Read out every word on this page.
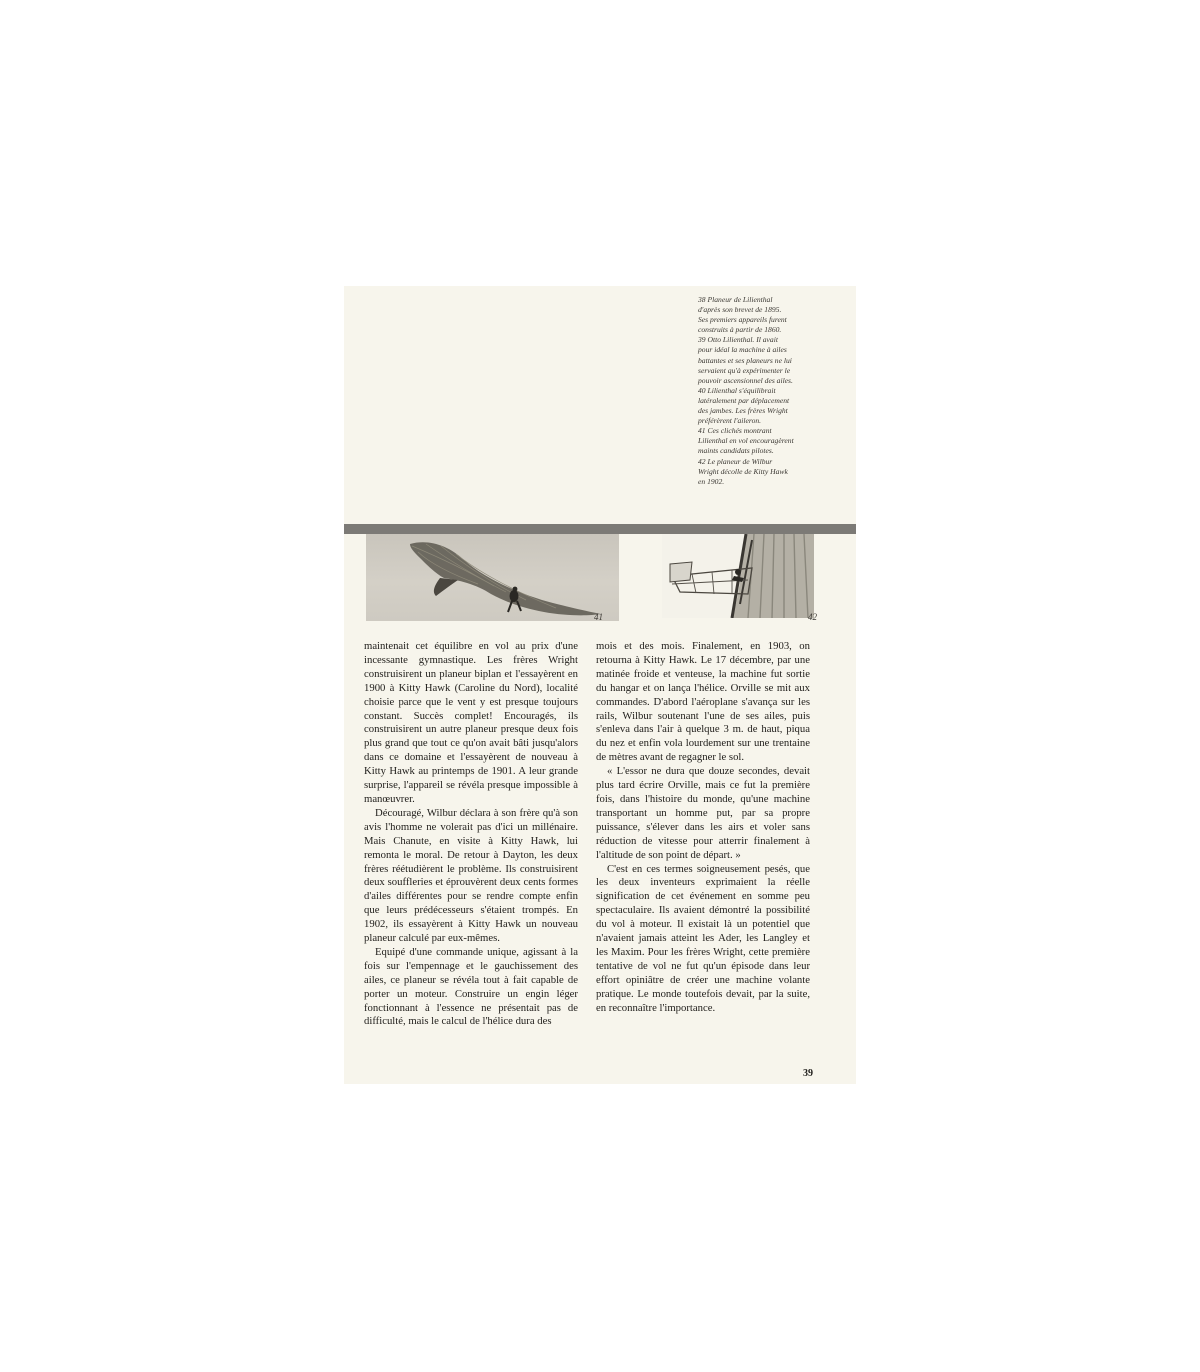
38 Planeur de Lilienthal
d'après son brevet de 1895.
Ses premiers appareils furent
construits à partir de 1860.
39 Otto Lilienthal. Il avait
pour idéal la machine à ailes
battantes et ses planeurs ne lui
servaient qu'à expérimenter le
pouvoir ascensionnel des ailes.
40 Lilienthal s'équilibrait
latéralement par déplacement
des jambes. Les frères Wright
préférèrent l'aileron.
41 Ces clichés montrant
Lilienthal en vol encouragèrent
maints candidats pilotes.
42 Le planeur de Wilbur
Wright décolle de Kitty Hawk
en 1902.
41	42

maintenait cet équilibre en vol au prix d'une incessante gymnastique. Les frères Wright construisirent un planeur biplan et l'essayèrent en 1900 à Kitty Hawk (Caroline du Nord), localité choisie parce que le vent y est presque toujours constant. Succès complet! Encouragés, ils construisirent un autre planeur presque deux fois plus grand que tout ce qu'on avait bâti jusqu'alors dans ce domaine et l'essayèrent de nouveau à Kitty Hawk au printemps de 1901. A leur grande surprise, l'appareil se révéla presque impossible à manœuvrer.

Découragé, Wilbur déclara à son frère qu'à son avis l'homme ne volerait pas d'ici un millénaire. Mais Chanute, en visite à Kitty Hawk, lui remonta le moral. De retour à Dayton, les deux frères réétudièrent le problème. Ils construisirent deux souffleries et éprouvèrent deux cents formes d'ailes différentes pour se rendre compte enfin que leurs prédécesseurs s'étaient trompés. En 1902, ils essayèrent à Kitty Hawk un nouveau planeur calculé par eux-mêmes.

Equipé d'une commande unique, agissant à la fois sur l'empennage et le gauchissement des ailes, ce planeur se révéla tout à fait capable de porter un moteur. Construire un engin léger fonctionnant à l'essence ne présentait pas de difficulté, mais le calcul de l'hélice dura des

mois et des mois. Finalement, en 1903, on retourna à Kitty Hawk. Le 17 décembre, par une matinée froide et venteuse, la machine fut sortie du hangar et on lança l'hélice. Orville se mit aux commandes. D'abord l'aéroplane s'avança sur les rails, Wilbur soutenant l'une de ses ailes, puis s'enleva dans l'air à quelque 3 m. de haut, piqua du nez et enfin vola lourdement sur une trentaine de mètres avant de regagner le sol.

« L'essor ne dura que douze secondes, devait plus tard écrire Orville, mais ce fut la première fois, dans l'histoire du monde, qu'une machine transportant un homme put, par sa propre puissance, s'élever dans les airs et voler sans réduction de vitesse pour atterrir finalement à l'altitude de son point de départ. »

C'est en ces termes soigneusement pesés, que les deux inventeurs exprimaient la réelle signification de cet événement en somme peu spectaculaire. Ils avaient démontré la possibilité du vol à moteur. Il existait là un potentiel que n'avaient jamais atteint les Ader, les Langley et les Maxim. Pour les frères Wright, cette première tentative de vol ne fut qu'un épisode dans leur effort opiniâtre de créer une machine volante pratique. Le monde toutefois devait, par la suite, en reconnaître l'importance.

39
